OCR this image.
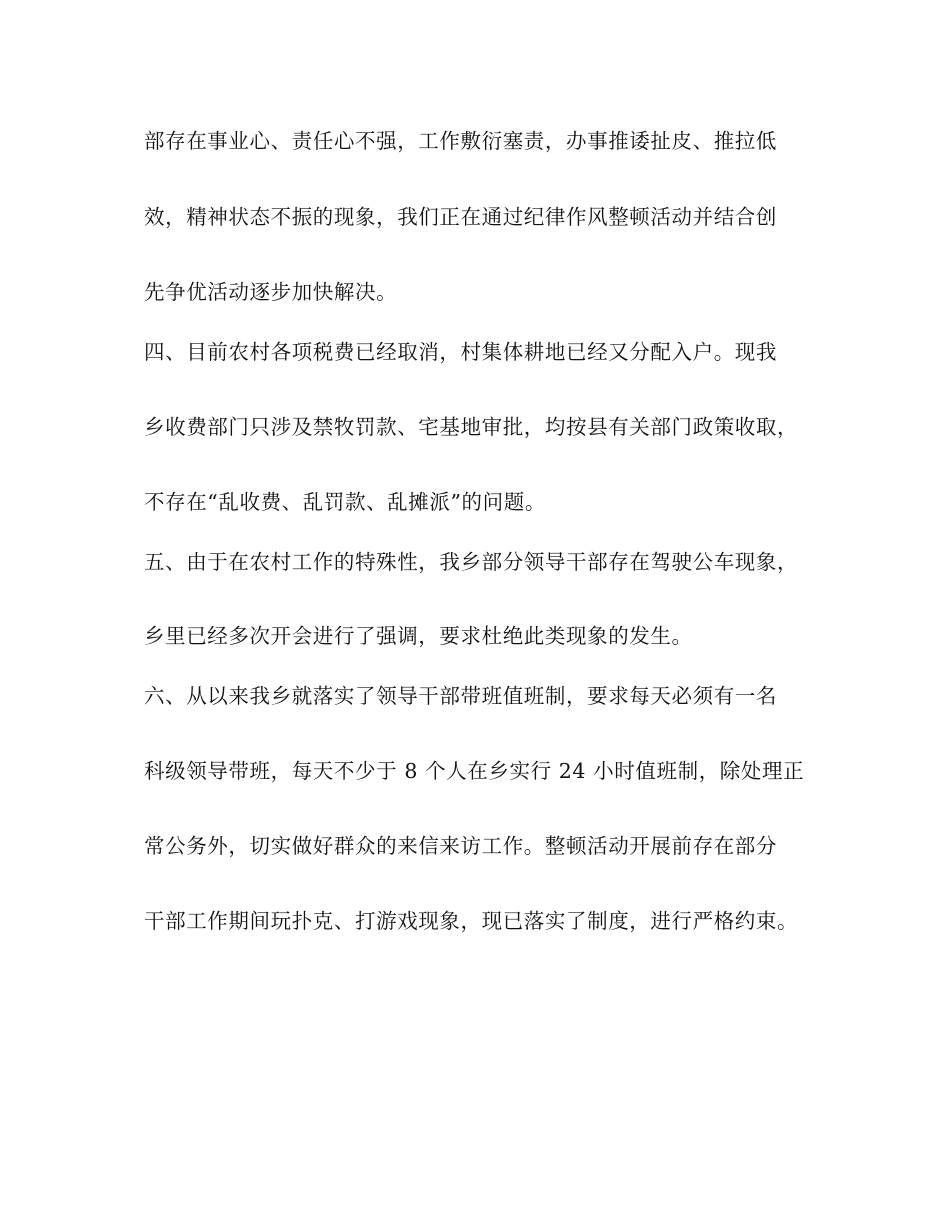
部存在事业心、责任心不强，工作敷衍塞责，办事推诿扯皮、推拉低
效，精神状态不振的现象，我们正在通过纪律作风整顿活动并结合创
先争优活动逐步加快解决。
四、目前农村各项税费已经取消，村集体耕地已经又分配入户。现我
乡收费部门只涉及禁牧罚款、宅基地审批，均按县有关部门政策收取，
不存在“乱收费、乱罚款、乱摊派”的问题。
五、由于在农村工作的特殊性，我乡部分领导干部存在驾驶公车现象，
乡里已经多次开会进行了强调，要求杜绝此类现象的发生。
六、从以来我乡就落实了领导干部带班值班制，要求每天必须有一名
科级领导带班，每天不少于 8 个人在乡实行 24 小时值班制，除处理正
常公务外，切实做好群众的来信来访工作。整顿活动开展前存在部分
干部工作期间玩扑克、打游戏现象，现已落实了制度，进行严格约束。
